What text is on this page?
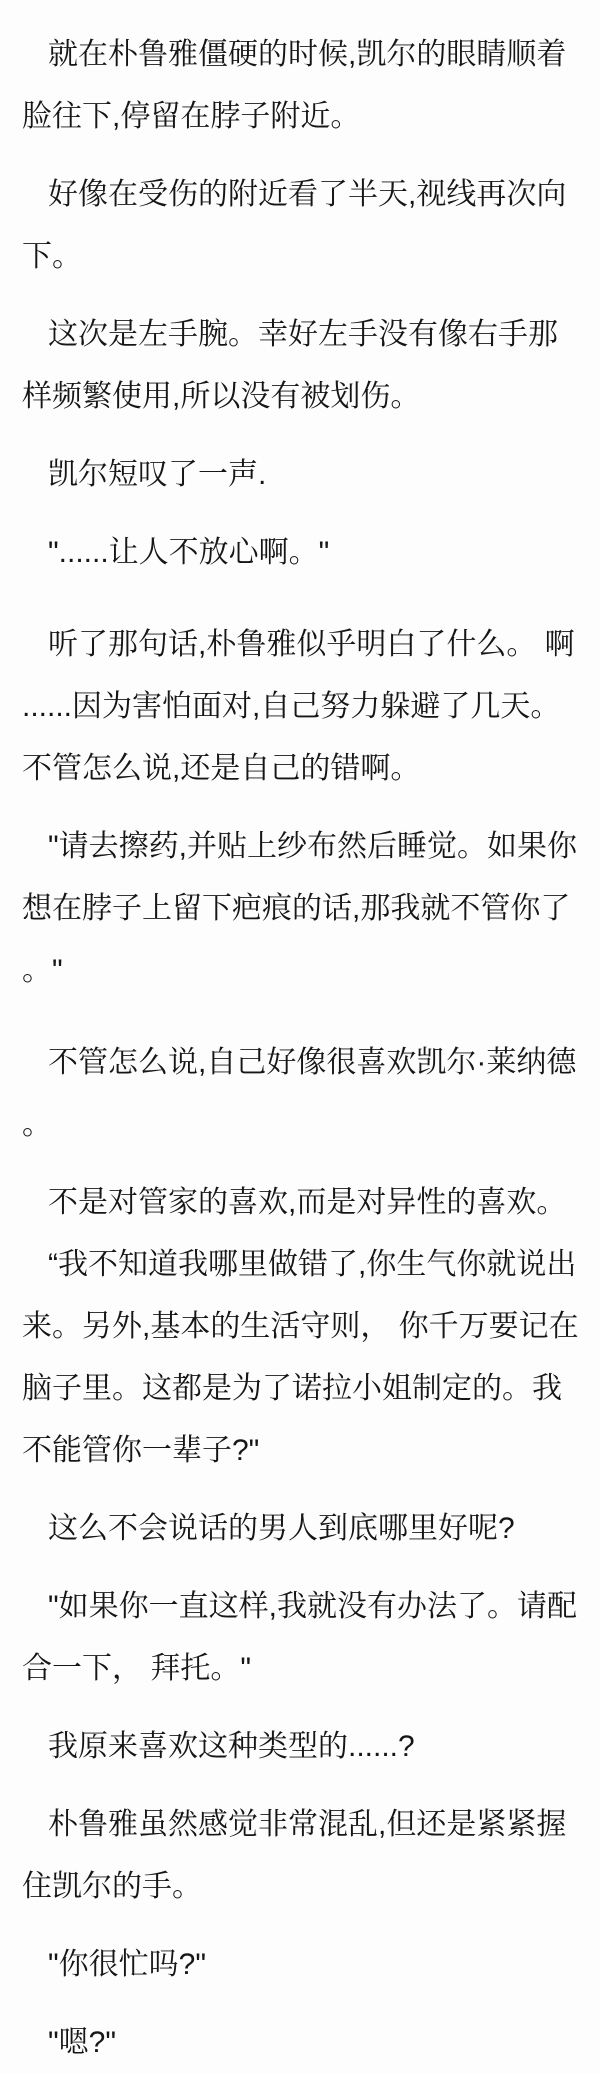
就在朴鲁雅僵硬的时候,凯尔的眼睛顺着脸往下,停留在脖子附近。

好像在受伤的附近看了半天,视线再次向下。

这次是左手腕。幸好左手没有像右手那样频繁使用,所以没有被划伤。

凯尔短叹了一声.

"......让人不放心啊。"

听了那句话,朴鲁雅似乎明白了什么。 啊......因为害怕面对,自己努力躲避了几天。 不管怎么说,还是自己的错啊。

"请去擦药,并贴上纱布然后睡觉。如果你想在脖子上留下疤痕的话,那我就不管你了。"

不管怎么说,自己好像很喜欢凯尔·莱纳德。

不是对管家的喜欢,而是对异性的喜欢。

“我不知道我哪里做错了,你生气你就说出来。另外,基本的生活守则， 你千万要记在脑子里。这都是为了诺拉小姐制定的。我不能管你一辈子?"

这么不会说话的男人到底哪里好呢?

"如果你一直这样,我就没有办法了。请配合一下， 拜托。"

我原来喜欢这种类型的......?

朴鲁雅虽然感觉非常混乱,但还是紧紧握住凯尔的手。

"你很忙吗?"

"嗯?"
